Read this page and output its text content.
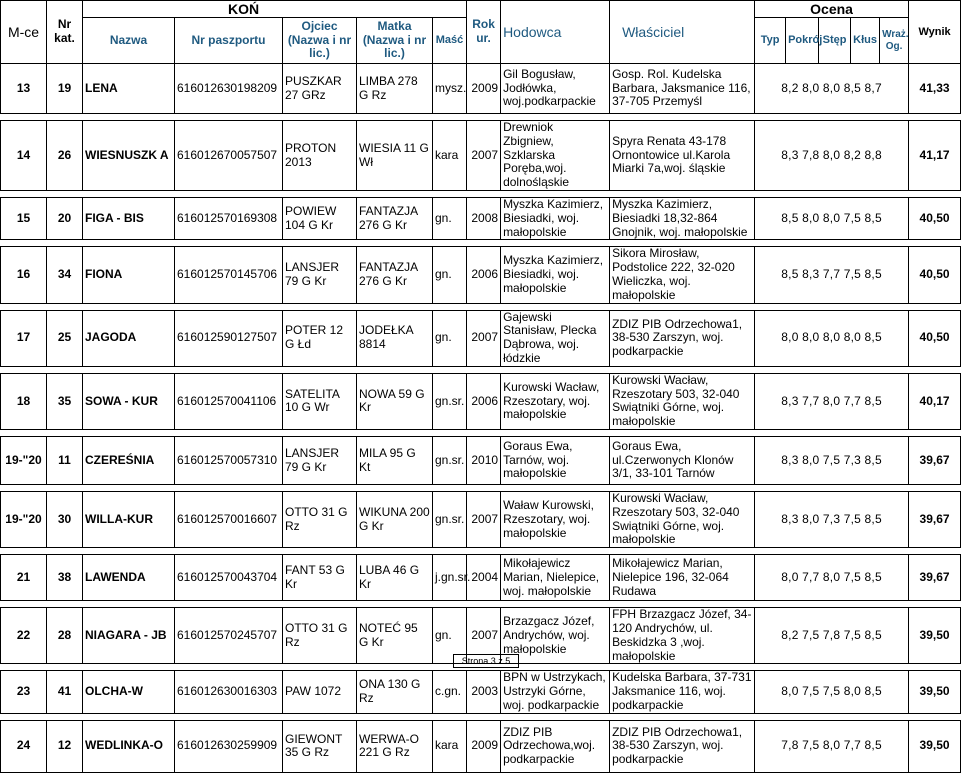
M-ce	Nr kat.	KOŃ					Rok ur.	Hodowca	Właściciel	Ocena					Wynik
		Nazwa	Nr paszportu	Ojciec (Nazwa i nr lic.)	Matka (Nazwa i nr lic.)	Maść				Typ	Pokrój	Stęp	Kłus	Wraż. Og.	
13	19	LENA	616012630198209	PUSZKAR 27 GRz	LIMBA 278 G Rz	mysz.	2009	Gil Bogusław, Jodłówka, woj.podkarpackie	Gosp. Rol. Kudelska Barbara, Jaksmanice 116, 37-705 Przemyśl	8,2 8,0 8,0 8,5 8,7					41,33

14	26	WIESNUSZK A	616012670057507	PROTON 2013	WIESIA 11 G Wł	kara	2007	Drewniok Zbigniew, Szklarska Poręba,woj. dolnośląskie	Spyra Renata 43-178 Ornontowice ul.Karola Miarki 7a,woj. śląskie	8,3 7,8 8,0 8,2 8,8					41,17

15	20	FIGA - BIS	616012570169308	POWIEW 104 G Kr	FANTAZJA 276 G Kr	gn.	2008	Myszka Kazimierz, Biesiadki, woj. małopolskie	Myszka Kazimierz, Biesiadki 18,32-864 Gnojnik, woj. małopolskie	8,5 8,0 8,0 7,5 8,5					40,50

16	34	FIONA	616012570145706	LANSJER 79 G Kr	FANTAZJA 276 G Kr	gn.	2006	Myszka Kazimierz, Biesiadki, woj. małopolskie	Sikora Mirosław, Podstolice 222, 32-020 Wieliczka, woj. małopolskie	8,5 8,3 7,7 7,5 8,5					40,50

17	25	JAGODA	616012590127507	POTER 12 G Łd	JODEŁKA 8814	gn.	2007	Gajewski Stanisław, Plecka Dąbrowa, woj. łódzkie	ZDIZ PIB Odrzechowa1, 38-530 Zarszyn, woj. podkarpackie	8,0 8,0 8,0 8,0 8,5					40,50

18	35	SOWA - KUR	616012570041106	SATELITA 10 G Wr	NOWA 59 G Kr	gn.sr.	2006	Kurowski Wacław, Rzeszotary, woj. małopolskie	Kurowski Wacław, Rzeszotary 503, 32-040 Swiątniki Górne, woj. małopolskie	8,3 7,7 8,0 7,7 8,5					40,17

19-"20	11	CZEREŚNIA	616012570057310	LANSJER 79 G Kr	MILA 95 G Kt	gn.sr.	2010	Goraus Ewa, Tarnów, woj. małopolskie	Goraus Ewa, ul.Czerwonych Klonów 3/1, 33-101 Tarnów	8,3 8,0 7,5 7,3 8,5					39,67

19-"20	30	WILLA-KUR	616012570016607	OTTO 31 G Rz	WIKUNA 200 G Kr	gn.sr.	2007	Waław Kurowski, Rzeszotary, woj. małopolskie	Kurowski Wacław, Rzeszotary 503, 32-040 Swiątniki Górne, woj. małopolskie	8,3 8,0 7,3 7,5 8,5					39,67

21	38	LAWENDA	616012570043704	FANT 53 G Kr	LUBA 46 G Kr	j.gn.sr.	2004	Mikołajewicz Marian, Nielepice, woj. małopolskie	Mikołajewicz Marian, Nielepice 196, 32-064 Rudawa	8,0 7,7 8,0 7,5 8,5					39,67

22	28	NIAGARA - JB	616012570245707	OTTO 31 G Rz	NOTEĆ 95 G Kr	gn.	2007	Brzazgacz Józef, Andrychów, woj. małopolskie	FPH Brzazgacz Józef, 34-120 Andrychów, ul. Beskidzka 3 ,woj. małopolskie	8,2 7,5 7,8 7,5 8,5					39,50

23	41	OLCHA-W	616012630016303	PAW 1072	ONA 130 G Rz	c.gn.	2003	BPN w Ustrzykach, Ustrzyki Górne, woj. podkarpackie	Kudelska Barbara, 37-731 Jaksmanice 116, woj. podkarpackie	8,0 7,5 7,5 8,0 8,5					39,50

24	12	WEDLINKA-O	616012630259909	GIEWONT 35 G Rz	WERWA-O 221 G Rz	kara	2009	ZDIZ PIB Odrzechowa,woj. podkarpackie	ZDIZ PIB Odrzechowa1, 38-530 Zarszyn, woj. podkarpackie	7,8 7,5 8,0 7,7 8,5					39,50
Strona 3 z 5
